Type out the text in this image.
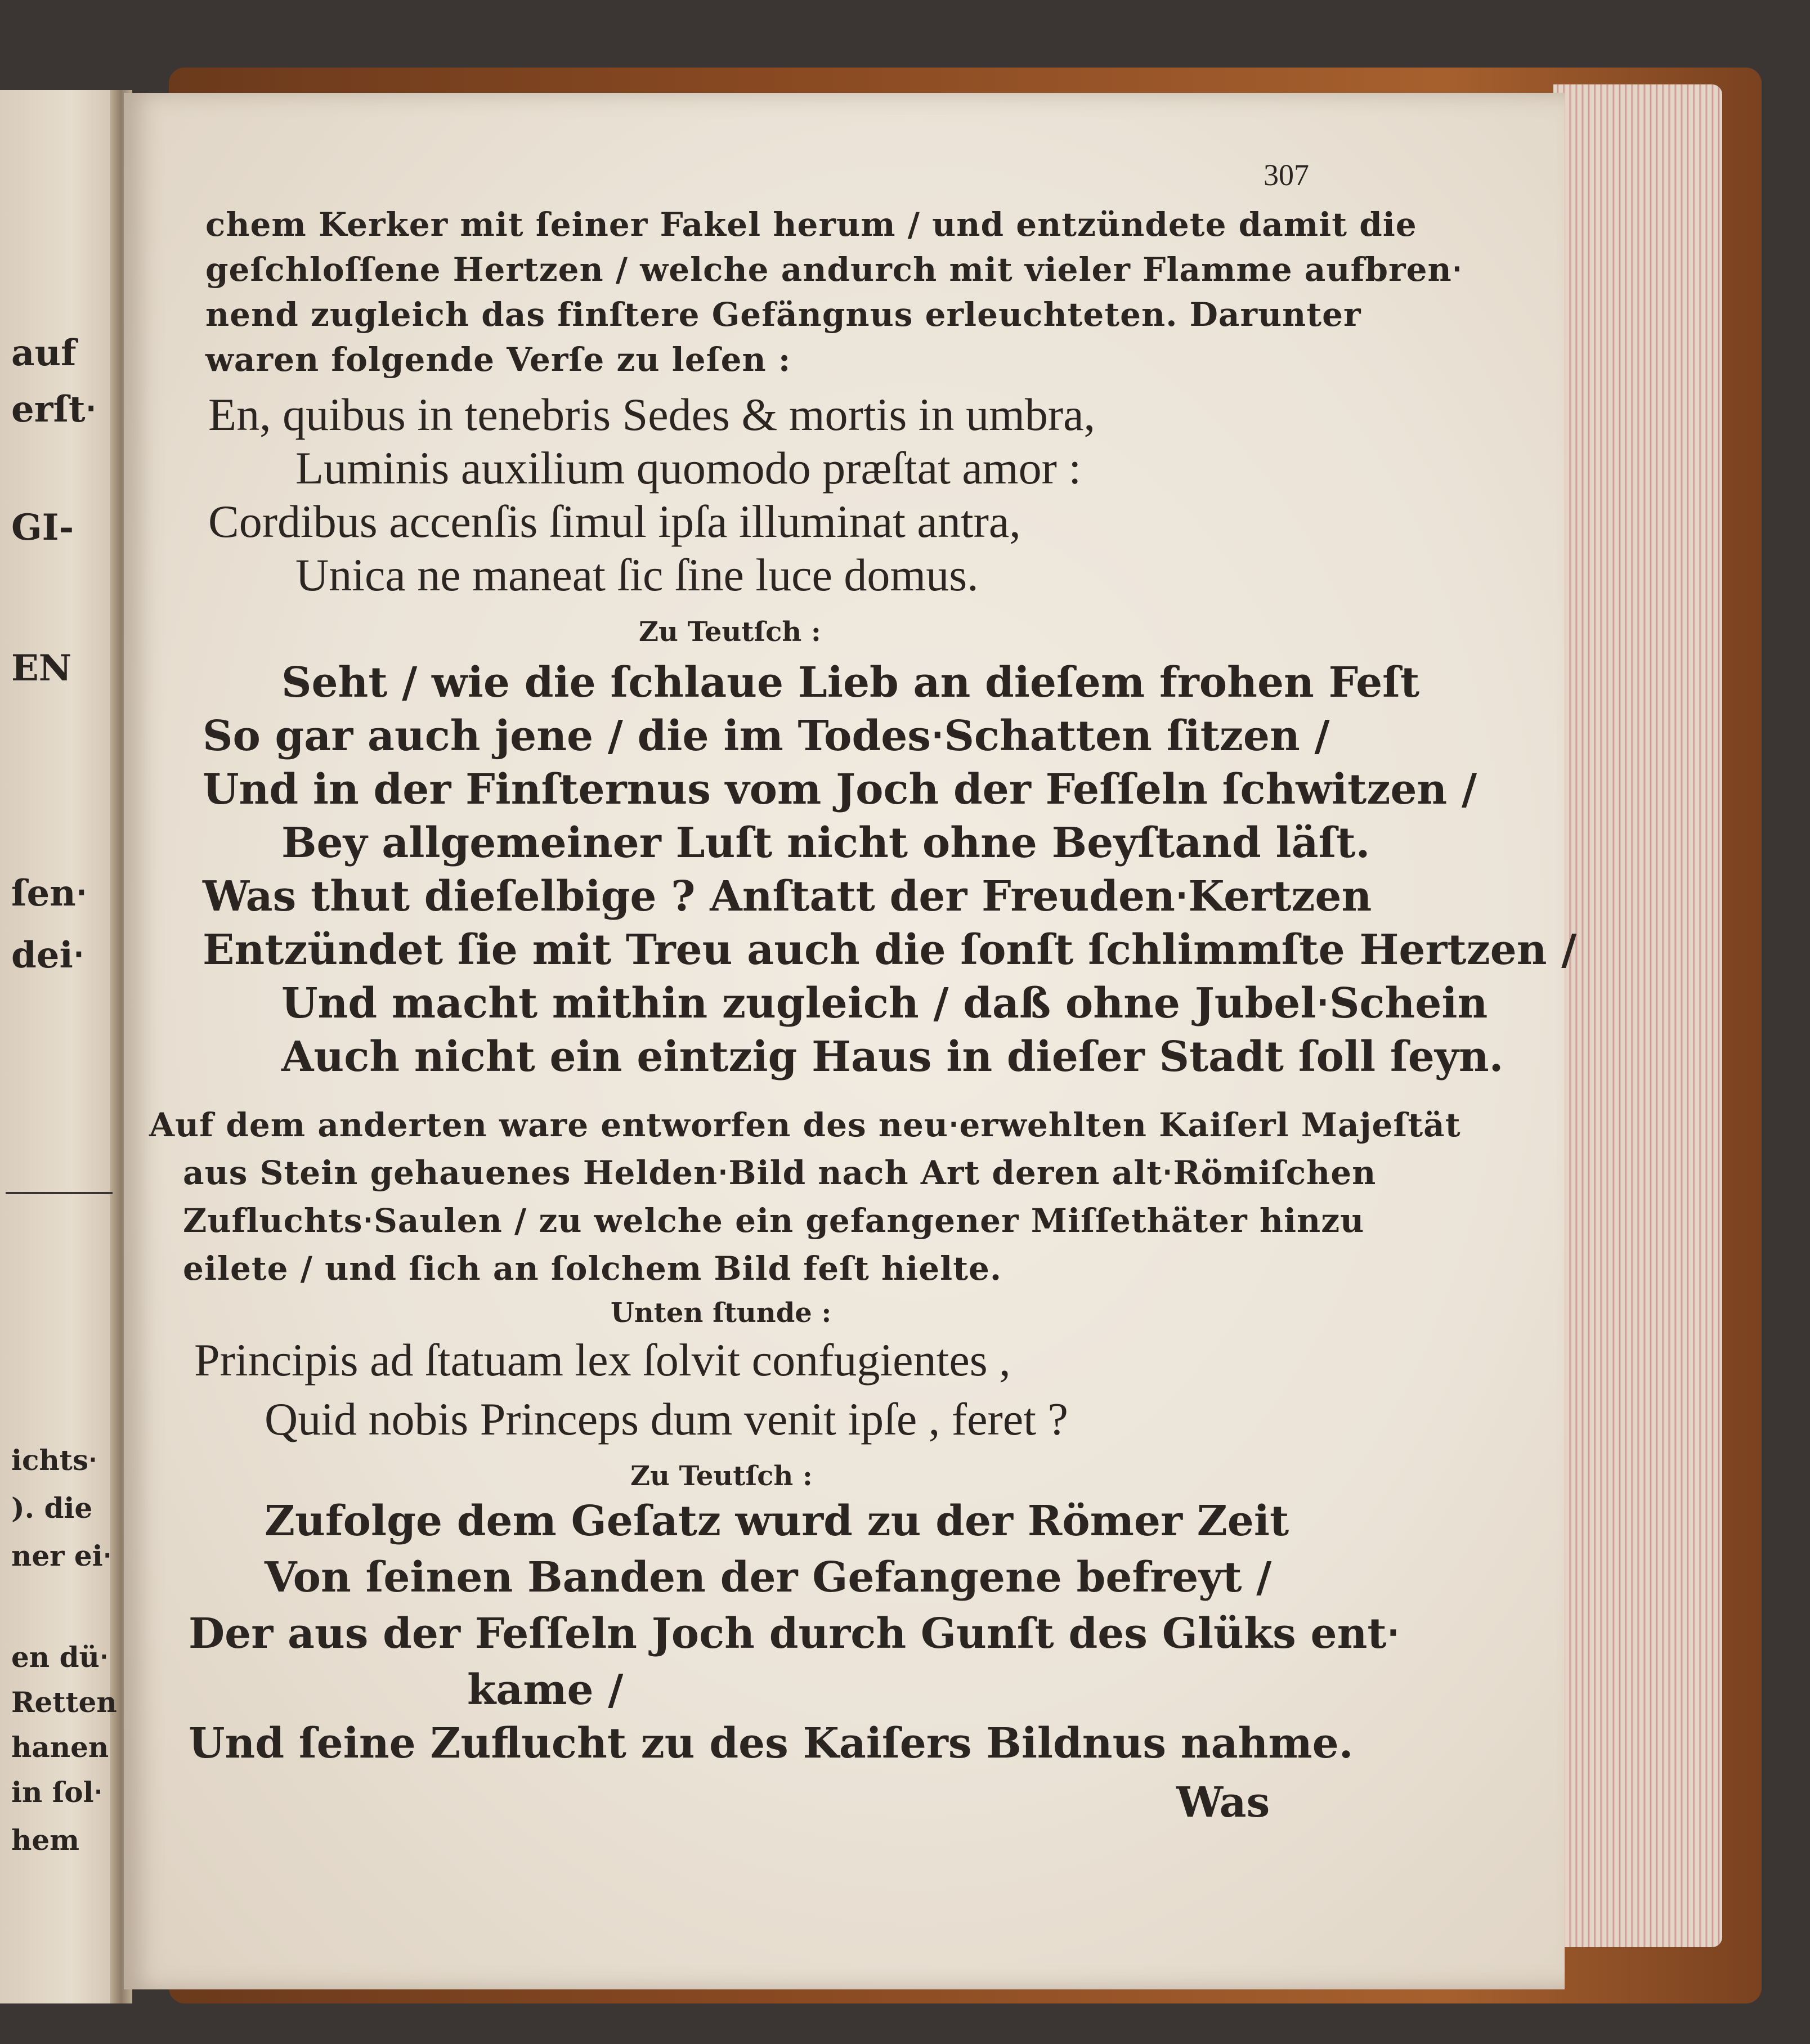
auf
erſt‧
GI-
EN
ſen‧
dei‧
ichts‧
). die
ner ei‧
en dü‧
Retten
hanen
in ſol‧
hem
307
chem Kerker mit ſeiner Fakel herum / und entzündete damit die
geſchloſſene Hertzen / welche andurch mit vieler Flamme aufbren‧
nend zugleich das finſtere Gefängnus erleuchteten. Darunter
waren folgende Verſe zu leſen :
En, quibus in tenebris Sedes & mortis in umbra,
Luminis auxilium quomodo præſtat amor :
Cordibus accenſis ſimul ipſa illuminat antra,
Unica ne maneat ſic ſine luce domus.
Zu Teutſch :
Seht / wie die ſchlaue Lieb an dieſem frohen Feſt
So gar auch jene / die im Todes‧Schatten ſitzen /
Und in der Finſternus vom Joch der Feſſeln ſchwitzen /
Bey allgemeiner Luſt nicht ohne Beyſtand läſt.
Was thut dieſelbige ? Anſtatt der Freuden‧Kertzen
Entzündet ſie mit Treu auch die ſonſt ſchlimmſte Hertzen /
Und macht mithin zugleich / daß ohne Jubel‧Schein
Auch nicht ein eintzig Haus in dieſer Stadt ſoll ſeyn.
Auf dem anderten ware entworfen des neu‧erwehlten Kaiſerl Majeſtät
aus Stein gehauenes Helden‧Bild nach Art deren alt‧Römiſchen
Zufluchts‧Saulen / zu welche ein gefangener Miſſethäter hinzu
eilete / und ſich an ſolchem Bild feſt hielte.
Unten ſtunde :
Principis ad ſtatuam lex ſolvit confugientes ,
Quid nobis Princeps dum venit ipſe , feret ?
Zu Teutſch :
Zufolge dem Geſatz wurd zu der Römer Zeit
Von ſeinen Banden der Gefangene befreyt /
Der aus der Feſſeln Joch durch Gunſt des Glüks ent‧
kame /
Und ſeine Zuflucht zu des Kaiſers Bildnus nahme.
Was
